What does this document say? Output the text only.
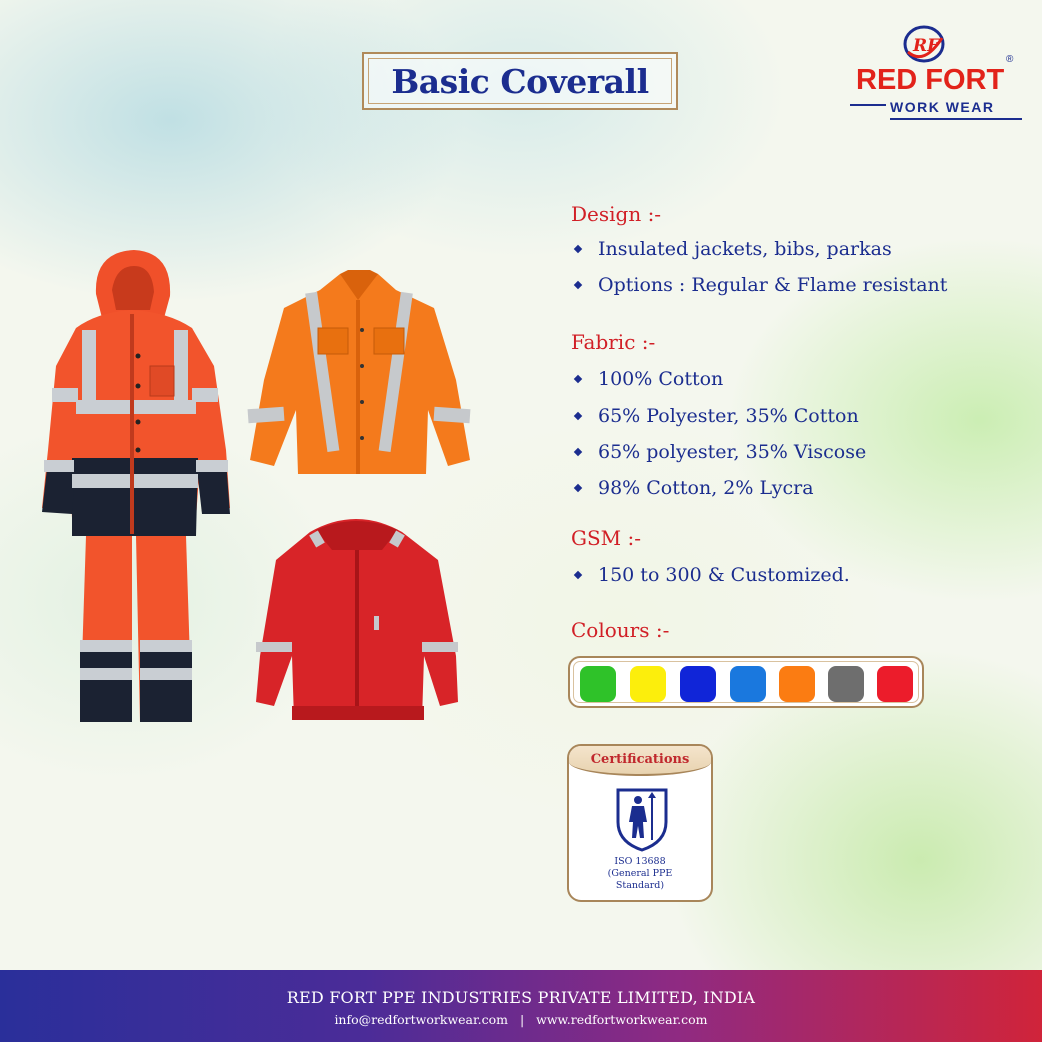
Basic Coverall
RF
RED FORT
®
WORK WEAR
Design :-
Insulated jackets, bibs, parkas
Options : Regular & Flame resistant
Fabric :-
100% Cotton
65% Polyester, 35% Cotton
65% polyester, 35% Viscose
98% Cotton, 2% Lycra
GSM :-
150 to 300 & Customized.
Colours :-
Certifications
ISO 13688
(General PPE
Standard)
RED FORT PPE INDUSTRIES PRIVATE LIMITED, INDIA
info@redfortworkwear.com | www.redfortworkwear.com
